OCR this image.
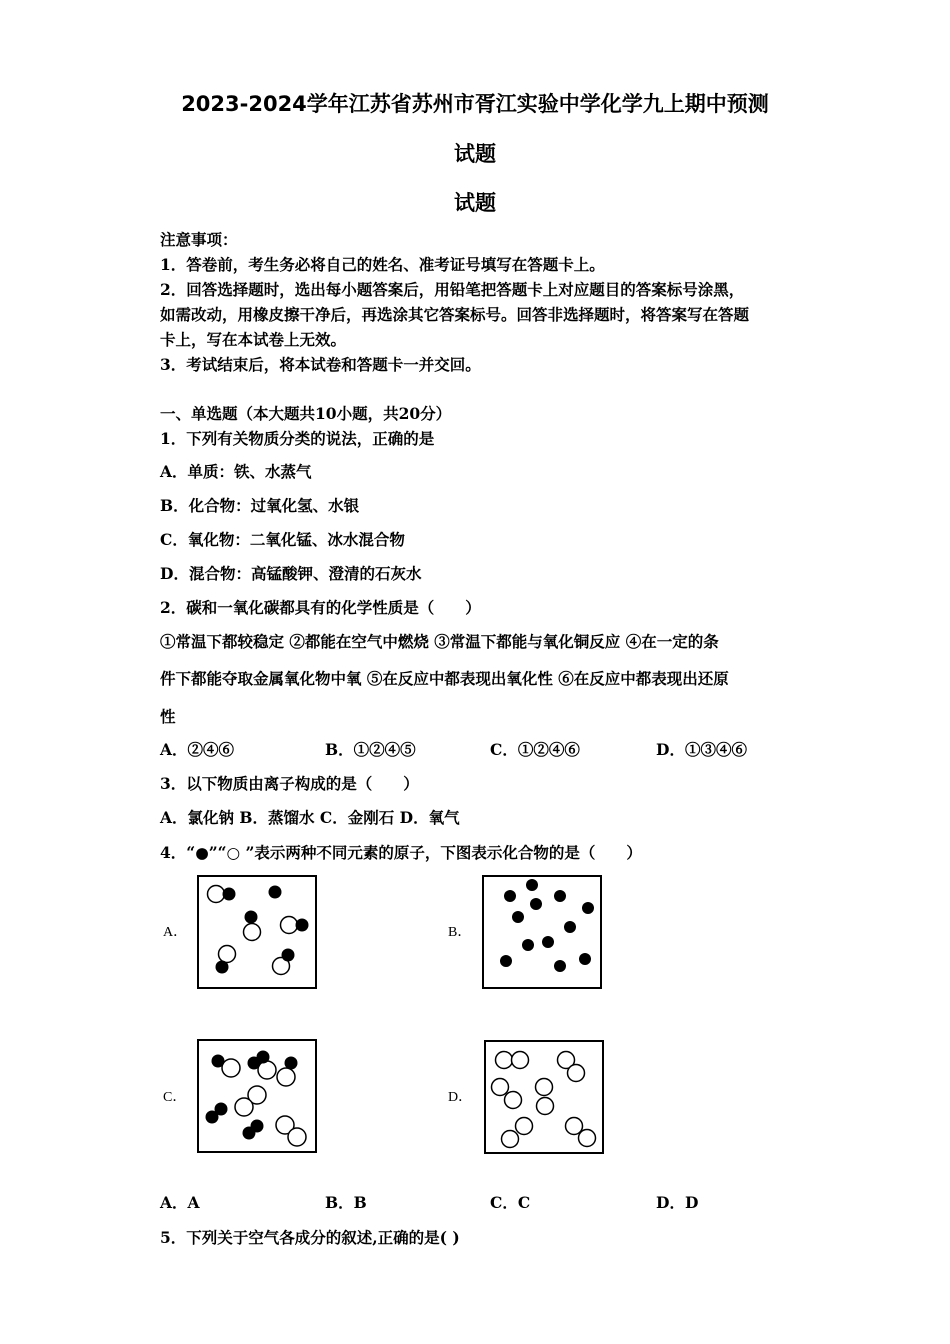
2023-2024学年江苏省苏州市胥江实验中学化学九上期中预测
试题
试题
注意事项：
1．答卷前，考生务必将自己的姓名、准考证号填写在答题卡上。
2．回答选择题时，选出每小题答案后，用铅笔把答题卡上对应题目的答案标号涂黑，
如需改动，用橡皮擦干净后，再选涂其它答案标号。回答非选择题时，将答案写在答题
卡上，写在本试卷上无效。
3．考试结束后，将本试卷和答题卡一并交回。
一、单选题（本大题共10小题，共20分）
1．下列有关物质分类的说法，正确的是
A．单质：铁、水蒸气
B．化合物：过氧化氢、水银
C．氧化物：二氧化锰、冰水混合物
D．混合物：高锰酸钾、澄清的石灰水
2．碳和一氧化碳都具有的化学性质是（　　）
①常温下都较稳定 ②都能在空气中燃烧 ③常温下都能与氧化铜反应 ④在一定的条
件下都能夺取金属氧化物中氧 ⑤在反应中都表现出氧化性 ⑥在反应中都表现出还原
性
A．②④⑥	B．①②④⑤	C．①②④⑥	D．①③④⑥
3．以下物质由离子构成的是（　　）
A．氯化钠 B．蒸馏水 C．金刚石 D．氧气
4．“●”“○ ”表示两种不同元素的原子，下图表示化合物的是（　　）
A．	B．
C．	D．
A．A	B．B	C．C	D．D
5．下列关于空气各成分的叙述,正确的是( )
